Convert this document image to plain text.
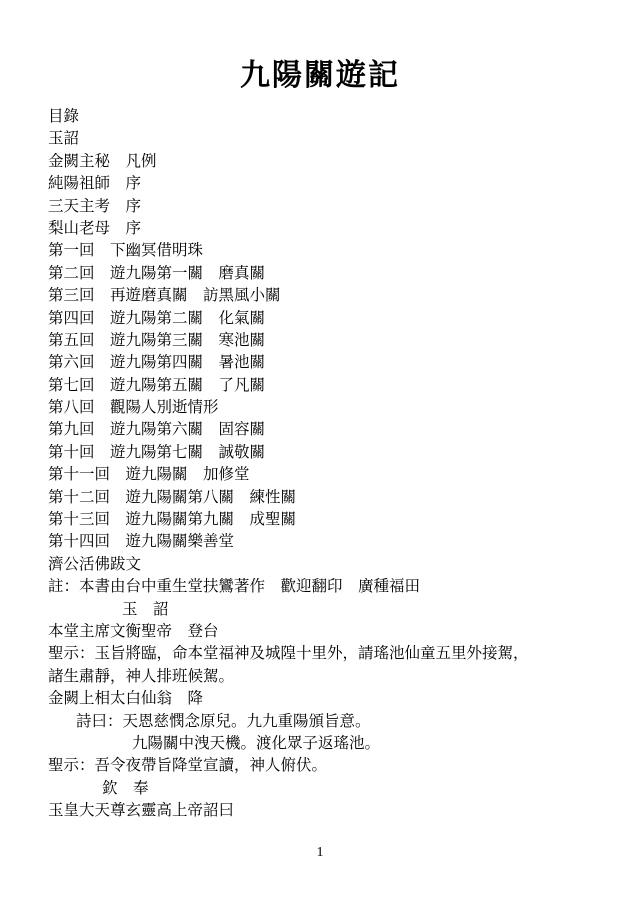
九陽關遊記
目錄
玉詔
金闕主秘　凡例
純陽祖師　序
三天主考　序
梨山老母　序
第一回　下幽冥借明珠
第二回　遊九陽第一關　磨真關
第三回　再遊磨真關　訪黑風小關
第四回　遊九陽第二關　化氣關
第五回　遊九陽第三關　寒池關
第六回　遊九陽第四關　暑池關
第七回　遊九陽第五關　了凡關
第八回　觀陽人別逝情形
第九回　遊九陽第六關　固容關
第十回　遊九陽第七關　誠敬關
第十一回　遊九陽關　加修堂
第十二回　遊九陽關第八關　練性關
第十三回　遊九陽關第九關　成聖關
第十四回　遊九陽關樂善堂
濟公活佛跋文
註：本書由台中重生堂扶鸞著作　歡迎翻印　廣種福田
玉　詔
本堂主席文衡聖帝　登台
聖示：玉旨將臨，命本堂福神及城隍十里外，請瑤池仙童五里外接駕，
諸生肅靜，神人排班候駕。
金闕上相太白仙翁　降
詩曰：天恩慈憫念原兒。九九重陽頒旨意。
九陽關中洩天機。渡化眾子返瑤池。
聖示：吾令夜帶旨降堂宣讀，神人俯伏。
欽　奉
玉皇大天尊玄靈高上帝詔曰
1
